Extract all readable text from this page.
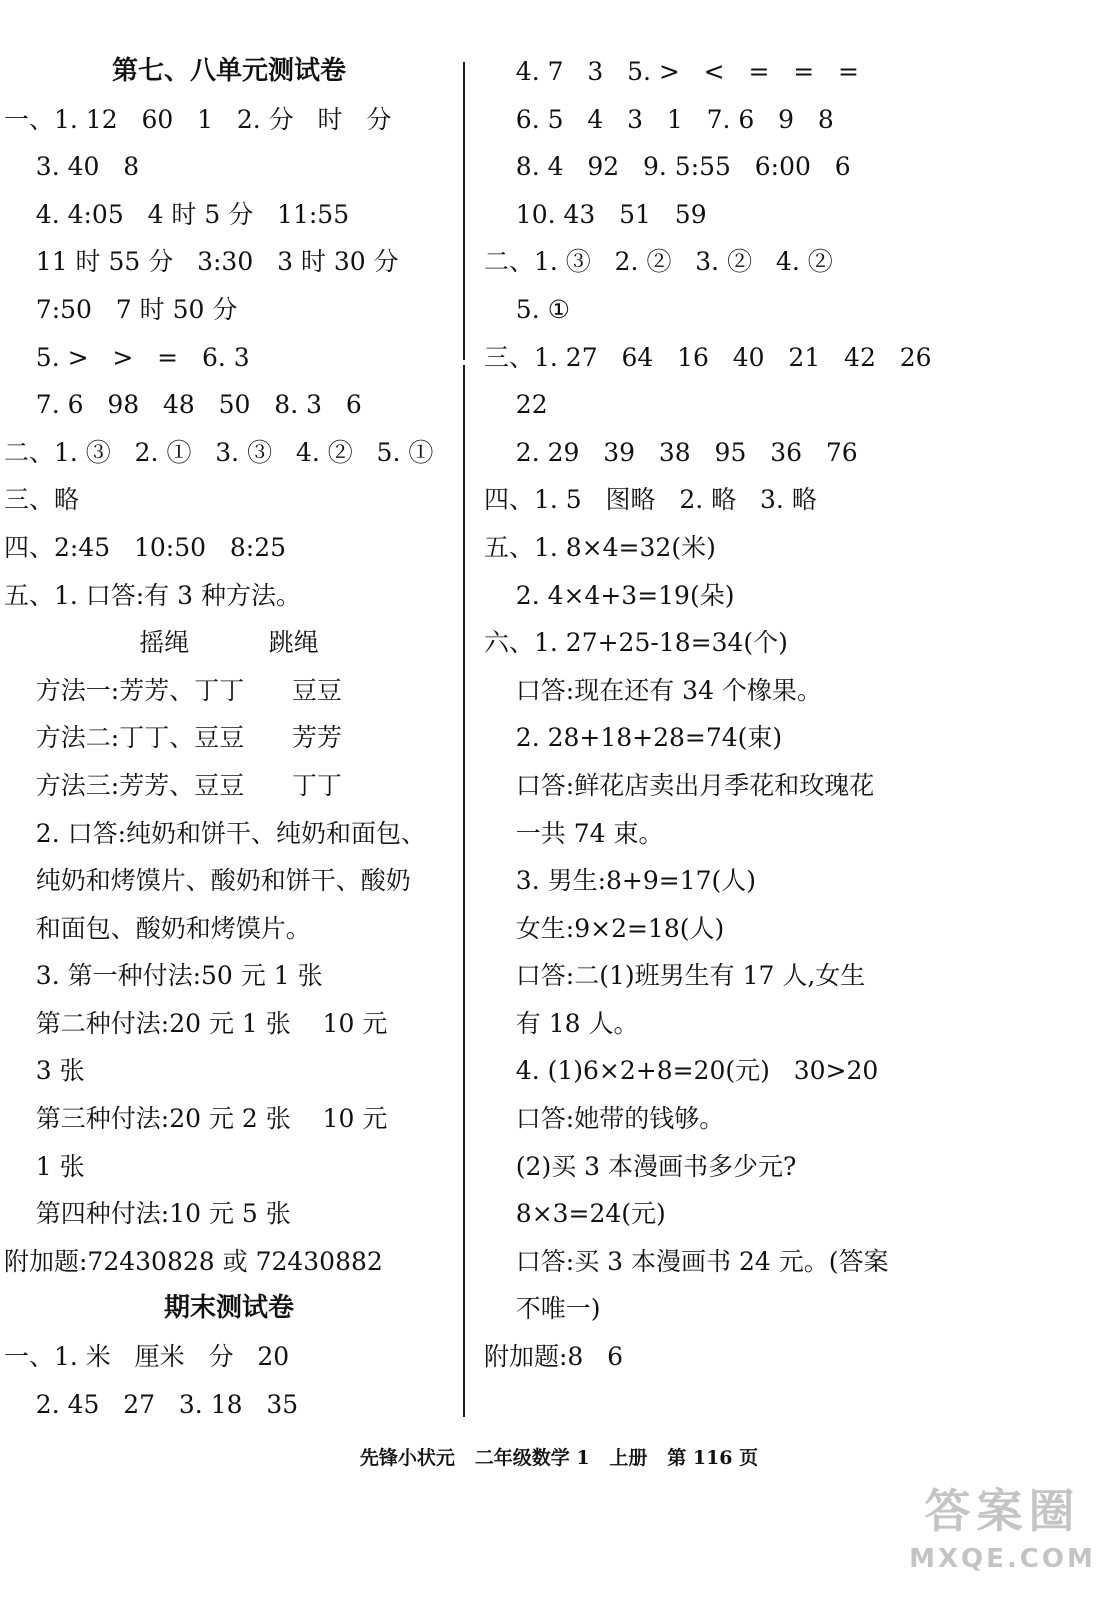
第七、八单元测试卷
一、1. 12   60   1   2. 分   时   分
3. 40   8
4. 4:05   4 时 5 分   11:55
11 时 55 分   3:30   3 时 30 分
7:50   7 时 50 分
5. >   >   =   6. 3
7. 6   98   48   50   8. 3   6
二、1. ③   2. ①   3. ③   4. ②   5. ①
三、略
四、2:45   10:50   8:25
五、1. 口答:有 3 种方法。
摇绳          跳绳
方法一:芳芳、丁丁      豆豆
方法二:丁丁、豆豆      芳芳
方法三:芳芳、豆豆      丁丁
2. 口答:纯奶和饼干、纯奶和面包、
纯奶和烤馍片、酸奶和饼干、酸奶
和面包、酸奶和烤馍片。
3. 第一种付法:50 元 1 张
第二种付法:20 元 1 张    10 元
3 张
第三种付法:20 元 2 张    10 元
1 张
第四种付法:10 元 5 张
附加题:72430828 或 72430882
期末测试卷
一、1. 米   厘米   分   20
2. 45   27   3. 18   35
4. 7   3   5. >   <   =   =   =
6. 5   4   3   1   7. 6   9   8
8. 4   92   9. 5:55   6:00   6
10. 43   51   59
二、1. ③   2. ②   3. ②   4. ②
5. ①
三、1. 27   64   16   40   21   42   26
22
2. 29   39   38   95   36   76
四、1. 5   图略   2. 略   3. 略
五、1. 8×4=32(米)
2. 4×4+3=19(朵)
六、1. 27+25-18=34(个)
口答:现在还有 34 个橡果。
2. 28+18+28=74(束)
口答:鲜花店卖出月季花和玫瑰花
一共 74 束。
3. 男生:8+9=17(人)
女生:9×2=18(人)
口答:二(1)班男生有 17 人,女生
有 18 人。
4. (1)6×2+8=20(元)   30>20
口答:她带的钱够。
(2)买 3 本漫画书多少元?
8×3=24(元)
口答:买 3 本漫画书 24 元。(答案
不唯一)
附加题:8   6
先锋小状元   二年级数学 1   上册   第 116 页
答案圈
MXQE.COM
